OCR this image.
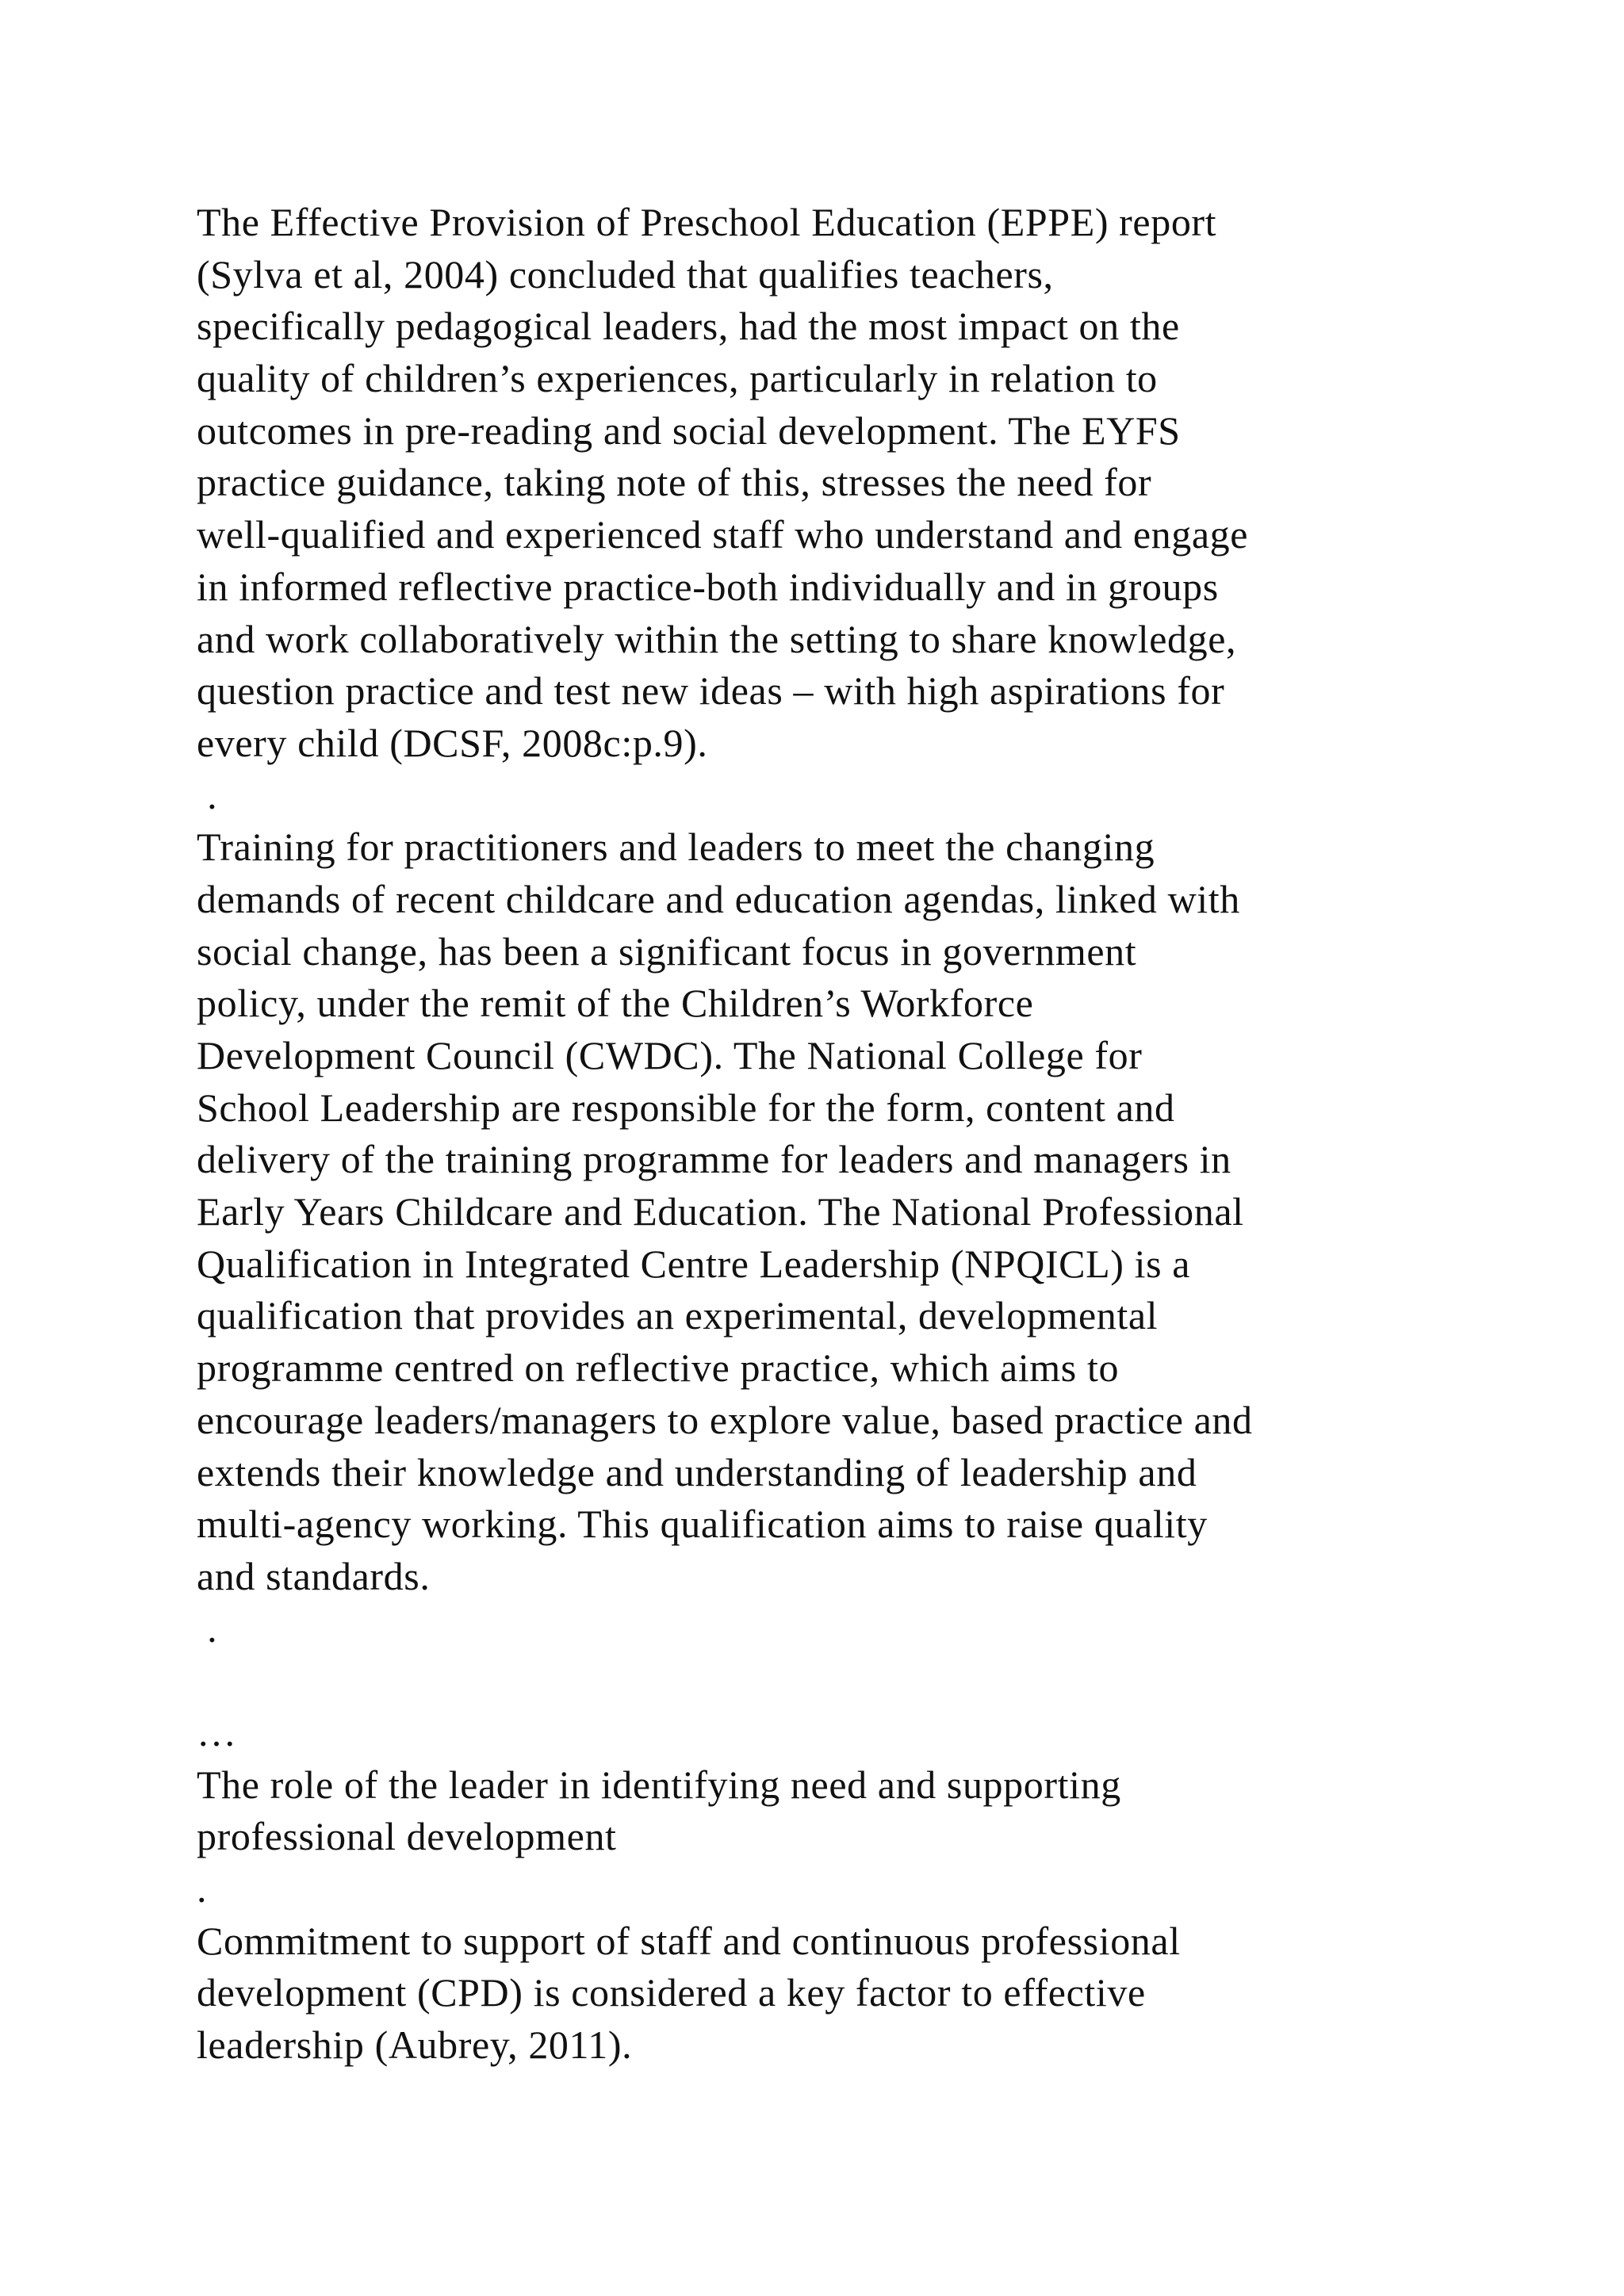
The Effective Provision of Preschool Education (EPPE) report
(Sylva et al, 2004) concluded that qualifies teachers,
specifically pedagogical leaders, had the most impact on the
quality of children’s experiences, particularly in relation to
outcomes in pre-reading and social development. The EYFS
practice guidance, taking note of this, stresses the need for
well-qualified and experienced staff who understand and engage
in informed reflective practice-both individually and in groups
and work collaboratively within the setting to share knowledge,
question practice and test new ideas – with high aspirations for
every child (DCSF, 2008c:p.9).
.
Training for practitioners and leaders to meet the changing
demands of recent childcare and education agendas, linked with
social change, has been a significant focus in government
policy, under the remit of the Children’s Workforce
Development Council (CWDC). The National College for
School Leadership are responsible for the form, content and
delivery of the training programme for leaders and managers in
Early Years Childcare and Education. The National Professional
Qualification in Integrated Centre Leadership (NPQICL) is a
qualification that provides an experimental, developmental
programme centred on reflective practice, which aims to
encourage leaders/managers to explore value, based practice and
extends their knowledge and understanding of leadership and
multi-agency working. This qualification aims to raise quality
and standards.
.
…
The role of the leader in identifying need and supporting
professional development
.
Commitment to support of staff and continuous professional
development (CPD) is considered a key factor to effective
leadership (Aubrey, 2011).
